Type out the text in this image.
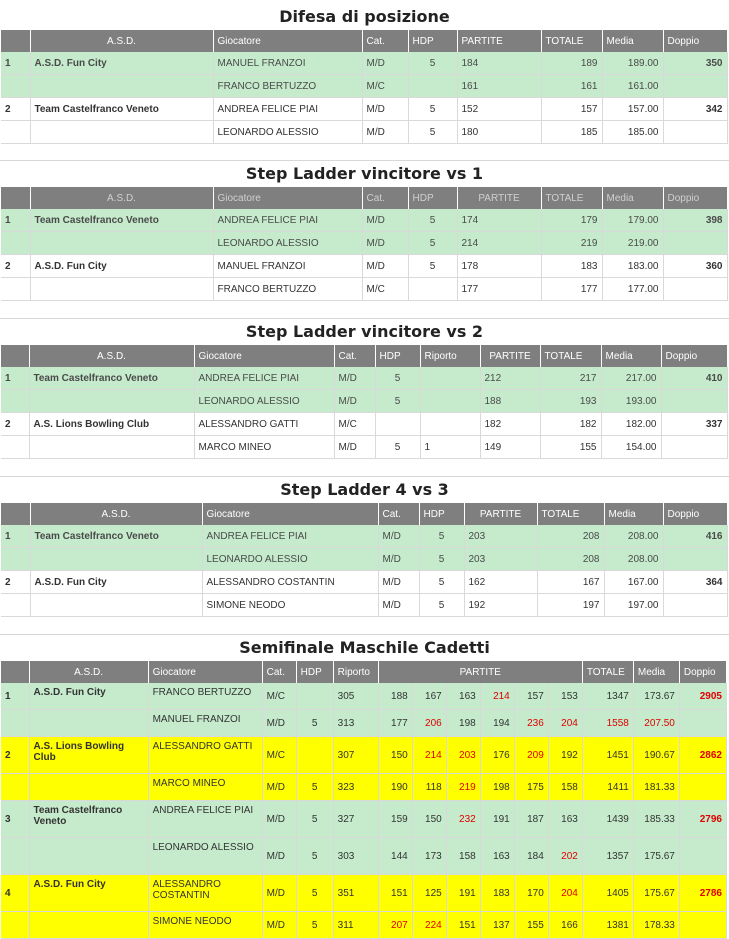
Difesa di posizione
	A.S.D.	Giocatore	Cat.	HDP	PARTITE	TOTALE	Media	Doppio
1	A.S.D. Fun City	MANUEL FRANZOI	M/D	5	184	189	189.00	350
		FRANCO BERTUZZO	M/C		161	161	161.00	
2	Team Castelfranco Veneto	ANDREA FELICE PIAI	M/D	5	152	157	157.00	342
		LEONARDO ALESSIO	M/D	5	180	185	185.00	
Step Ladder vincitore vs 1
	A.S.D.	Giocatore	Cat.	HDP	PARTITE	TOTALE	Media	Doppio
1	Team Castelfranco Veneto	ANDREA FELICE PIAI	M/D	5	174	179	179.00	398
		LEONARDO ALESSIO	M/D	5	214	219	219.00	
2	A.S.D. Fun City	MANUEL FRANZOI	M/D	5	178	183	183.00	360
		FRANCO BERTUZZO	M/C		177	177	177.00	
Step Ladder vincitore vs 2
	A.S.D.	Giocatore	Cat.	HDP	Riporto	PARTITE	TOTALE	Media	Doppio
1	Team Castelfranco Veneto	ANDREA FELICE PIAI	M/D	5		212	217	217.00	410
		LEONARDO ALESSIO	M/D	5		188	193	193.00	
2	A.S. Lions Bowling Club	ALESSANDRO GATTI	M/C			182	182	182.00	337
		MARCO MINEO	M/D	5	1	149	155	154.00	
Step Ladder 4 vs 3
	A.S.D.	Giocatore	Cat.	HDP	PARTITE	TOTALE	Media	Doppio
1	Team Castelfranco Veneto	ANDREA FELICE PIAI	M/D	5	203	208	208.00	416
		LEONARDO ALESSIO	M/D	5	203	208	208.00	
2	A.S.D. Fun City	ALESSANDRO COSTANTIN	M/D	5	162	167	167.00	364
		SIMONE NEODO	M/D	5	192	197	197.00	
Semifinale Maschile Cadetti
	A.S.D.	Giocatore	Cat.	HDP	Riporto	PARTITE						TOTALE	Media	Doppio
1	A.S.D. Fun City	FRANCO BERTUZZO	M/C		305	188	167	163	214	157	153	1347	173.67	2905
		MANUEL FRANZOI	M/D	5	313	177	206	198	194	236	204	1558	207.50	
2	A.S. Lions Bowling Club	ALESSANDRO GATTI	M/C		307	150	214	203	176	209	192	1451	190.67	2862
		MARCO MINEO	M/D	5	323	190	118	219	198	175	158	1411	181.33	
3	Team Castelfranco Veneto	ANDREA FELICE PIAI	M/D	5	327	159	150	232	191	187	163	1439	185.33	2796
		LEONARDO ALESSIO	M/D	5	303	144	173	158	163	184	202	1357	175.67	
4	A.S.D. Fun City	ALESSANDRO COSTANTIN	M/D	5	351	151	125	191	183	170	204	1405	175.67	2786
		SIMONE NEODO	M/D	5	311	207	224	151	137	155	166	1381	178.33	
